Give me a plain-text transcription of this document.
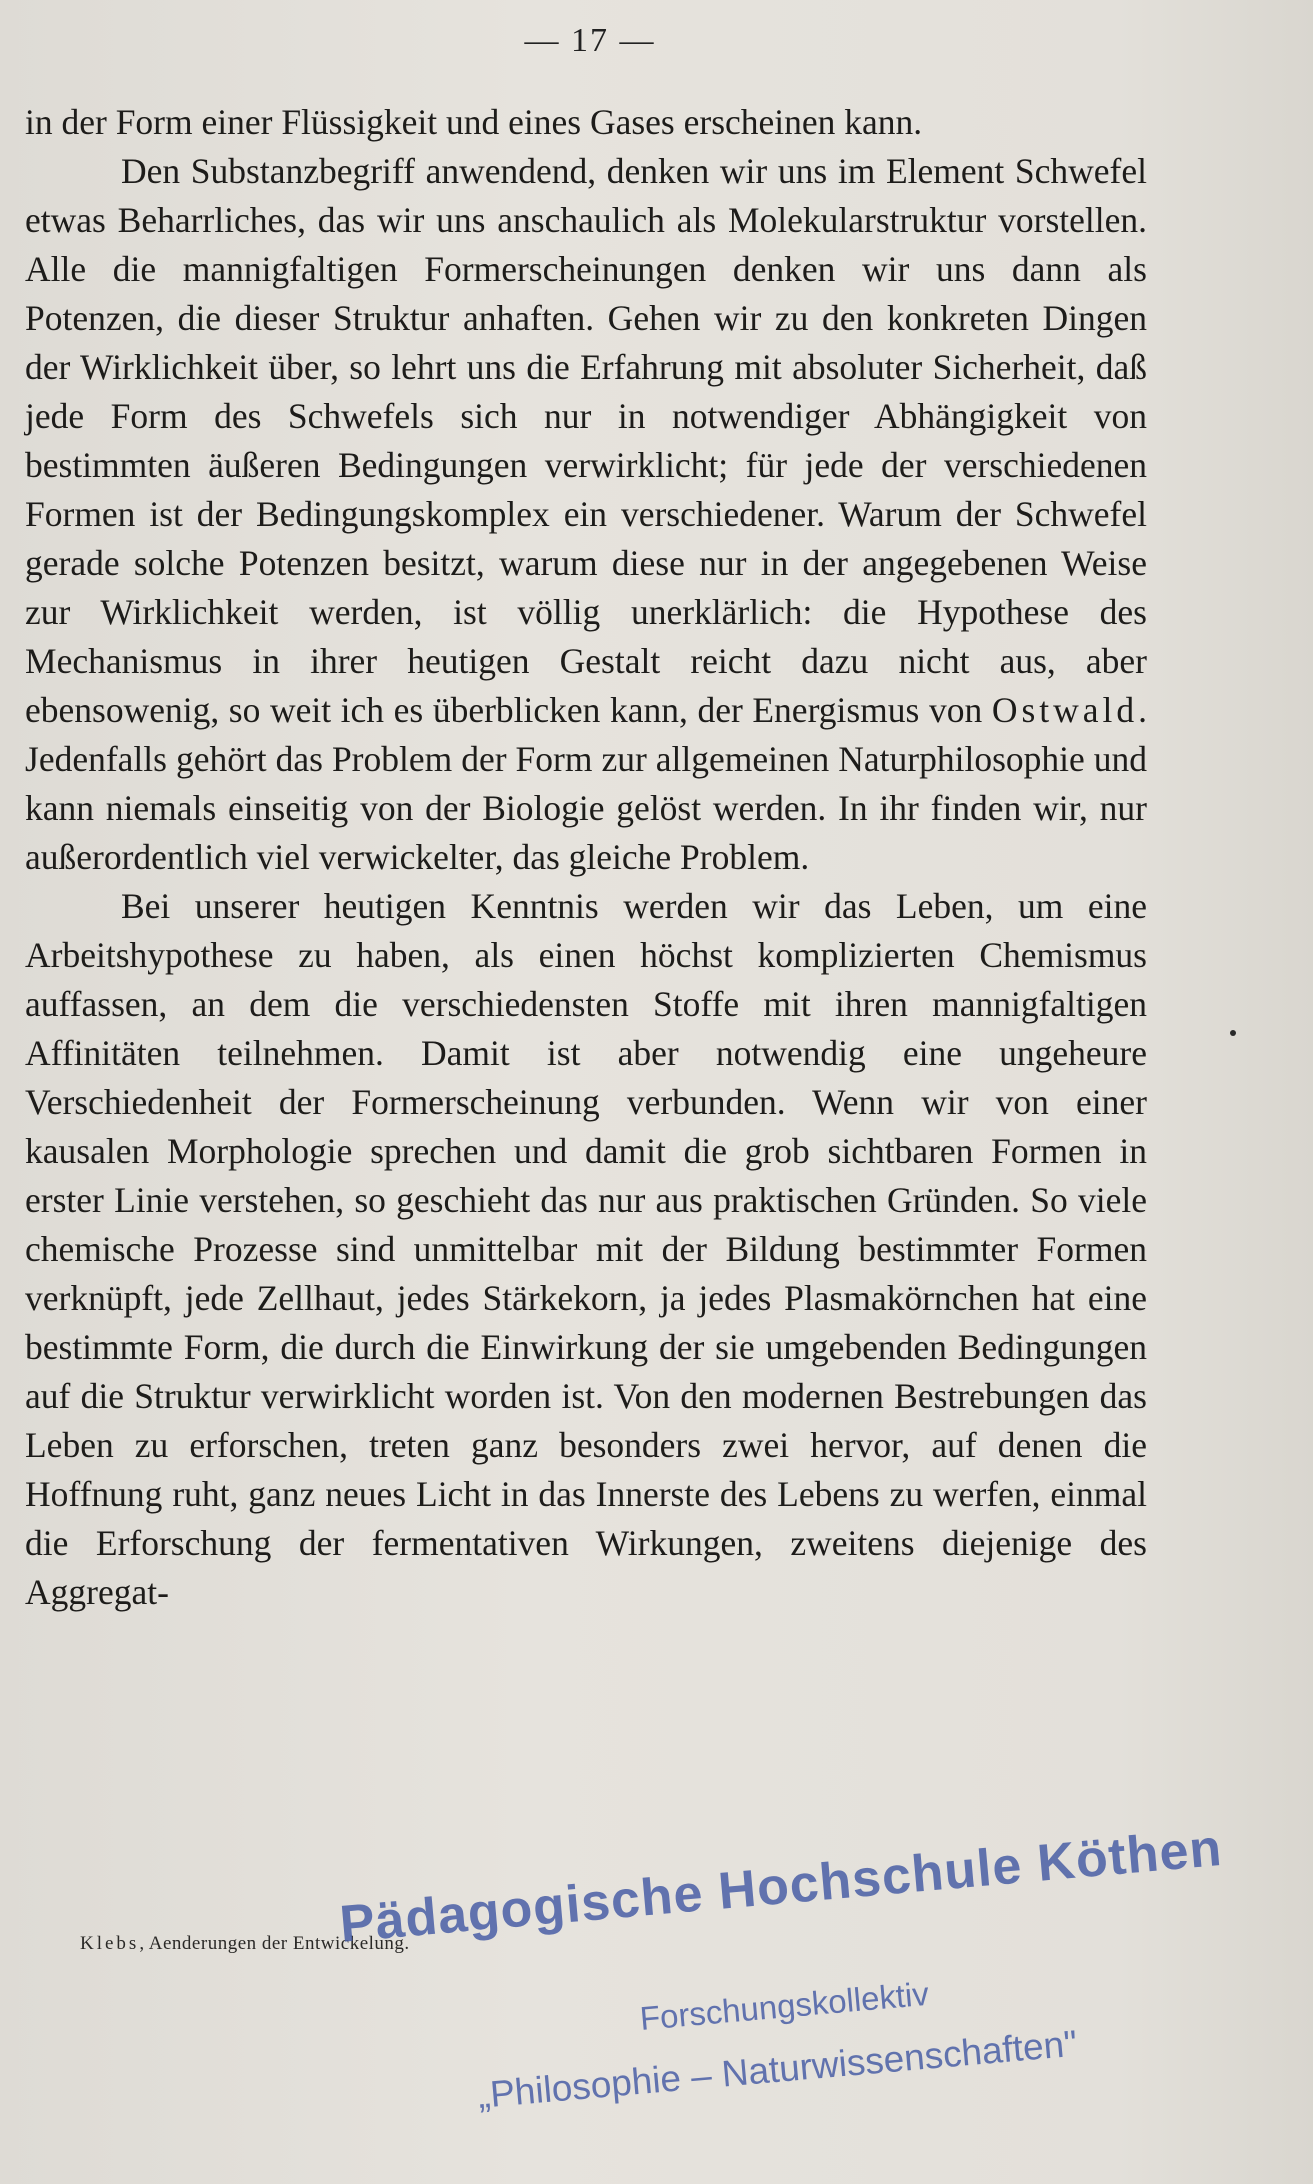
— 17 —

in der Form einer Flüssigkeit und eines Gases erscheinen kann.

Den Substanzbegriff anwendend, denken wir uns im Element Schwefel etwas Beharrliches, das wir uns anschaulich als Molekularstruktur vorstellen. Alle die mannigfaltigen Formerscheinungen denken wir uns dann als Potenzen, die dieser Struktur anhaften. Gehen wir zu den konkreten Dingen der Wirklichkeit über, so lehrt uns die Erfahrung mit absoluter Sicherheit, daß jede Form des Schwefels sich nur in notwendiger Abhängigkeit von bestimmten äußeren Bedingungen verwirklicht; für jede der verschiedenen Formen ist der Bedingungskomplex ein verschiedener. Warum der Schwefel gerade solche Potenzen besitzt, warum diese nur in der angegebenen Weise zur Wirklichkeit werden, ist völlig unerklärlich: die Hypothese des Mechanismus in ihrer heutigen Gestalt reicht dazu nicht aus, aber ebensowenig, so weit ich es überblicken kann, der Energismus von Ostwald. Jedenfalls gehört das Problem der Form zur allgemeinen Naturphilosophie und kann niemals einseitig von der Biologie gelöst werden. In ihr finden wir, nur außerordentlich viel verwickelter, das gleiche Problem.

Bei unserer heutigen Kenntnis werden wir das Leben, um eine Arbeitshypothese zu haben, als einen höchst komplizierten Chemismus auffassen, an dem die verschiedensten Stoffe mit ihren mannigfaltigen Affinitäten teilnehmen. Damit ist aber notwendig eine ungeheure Verschiedenheit der Formerscheinung verbunden. Wenn wir von einer kausalen Morphologie sprechen und damit die grob sichtbaren Formen in erster Linie verstehen, so geschieht das nur aus praktischen Gründen. So viele chemische Prozesse sind unmittelbar mit der Bildung bestimmter Formen verknüpft, jede Zellhaut, jedes Stärkekorn, ja jedes Plasmakörnchen hat eine bestimmte Form, die durch die Einwirkung der sie umgebenden Bedingungen auf die Struktur verwirklicht worden ist. Von den modernen Bestrebungen das Leben zu erforschen, treten ganz besonders zwei hervor, auf denen die Hoffnung ruht, ganz neues Licht in das Innerste des Lebens zu werfen, einmal die Erforschung der fermentativen Wirkungen, zweitens diejenige des Aggregat-

Klebs, Aenderungen der Entwickelung.
Pädagogische Hochschule Köthen
Forschungskollektiv
„Philosophie – Naturwissenschaften"
